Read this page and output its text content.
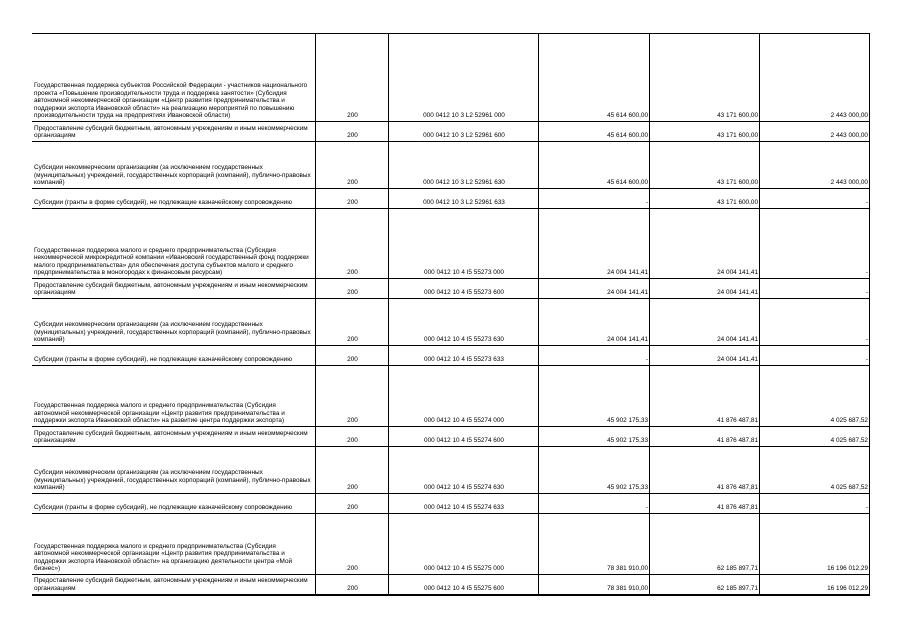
Государственная поддержка субъектов Российской Федерации - участников национального проекта «Повышение производительности труда и поддержка занятости» (Субсидия автономной некоммерческой организации «Центр развития предпринимательства и поддержки экспорта Ивановской области» на реализацию мероприятий по повышению производительности труда на предприятиях Ивановской области)	200	000 0412 10 3 L2 52961 000	45 614 600,00	43 171 600,00	2 443 000,00

Предоставление субсидий бюджетным, автономным учреждениям и иным некоммерческим организациям	200	000 0412 10 3 L2 52961 600	45 614 600,00	43 171 600,00	2 443 000,00

Субсидии некоммерческим организациям (за исключением государственных (муниципальных) учреждений, государственных корпораций (компаний), публично-правовых компаний)	200	000 0412 10 3 L2 52961 630	45 614 600,00	43 171 600,00	2 443 000,00

Субсидии (гранты в форме субсидий), не подлежащие казначейскому сопровождению	200	000 0412 10 3 L2 52961 633	-	43 171 600,00	-

Государственная поддержка малого и среднего предпринимательства (Субсидия некоммерческой микрокредитной компании «Ивановский государственный фонд поддержки малого предпринимательства» для обеспечения доступа субъектов малого и среднего предпринимательства в моногородах к финансовым ресурсам)	200	000 0412 10 4 I5 55273 000	24 004 141,41	24 004 141,41	-

Предоставление субсидий бюджетным, автономным учреждениям и иным некоммерческим организациям	200	000 0412 10 4 I5 55273 600	24 004 141,41	24 004 141,41	-

Субсидии некоммерческим организациям (за исключением государственных (муниципальных) учреждений, государственных корпораций (компаний), публично-правовых компаний)	200	000 0412 10 4 I5 55273 630	24 004 141,41	24 004 141,41	-

Субсидии (гранты в форме субсидий), не подлежащие казначейскому сопровождению	200	000 0412 10 4 I5 55273 633	-	24 004 141,41	-

Государственная поддержка малого и среднего предпринимательства (Субсидия автономной некоммерческой организации «Центр развития предпринимательства и поддержки экспорта Ивановской области» на развитие центра поддержки экспорта)	200	000 0412 10 4 I5 55274 000	45 902 175,33	41 876 487,81	4 025 687,52

Предоставление субсидий бюджетным, автономным учреждениям и иным некоммерческим организациям	200	000 0412 10 4 I5 55274 600	45 902 175,33	41 876 487,81	4 025 687,52

Субсидии некоммерческим организациям (за исключением государственных (муниципальных) учреждений, государственных корпораций (компаний), публично-правовых компаний)	200	000 0412 10 4 I5 55274 630	45 902 175,33	41 876 487,81	4 025 687,52

Субсидии (гранты в форме субсидий), не подлежащие казначейскому сопровождению	200	000 0412 10 4 I5 55274 633	-	41 876 487,81	-

Государственная поддержка малого и среднего предпринимательства (Субсидия автономной некоммерческой организации «Центр развития предпринимательства и поддержки экспорта Ивановской области» на организацию деятельности центра «Мой бизнес»)	200	000 0412 10 4 I5 55275 000	78 381 910,00	62 185 897,71	16 196 012,29

Предоставление субсидий бюджетным, автономным учреждениям и иным некоммерческим организациям	200	000 0412 10 4 I5 55275 600	78 381 910,00	62 185 897,71	16 196 012,29
